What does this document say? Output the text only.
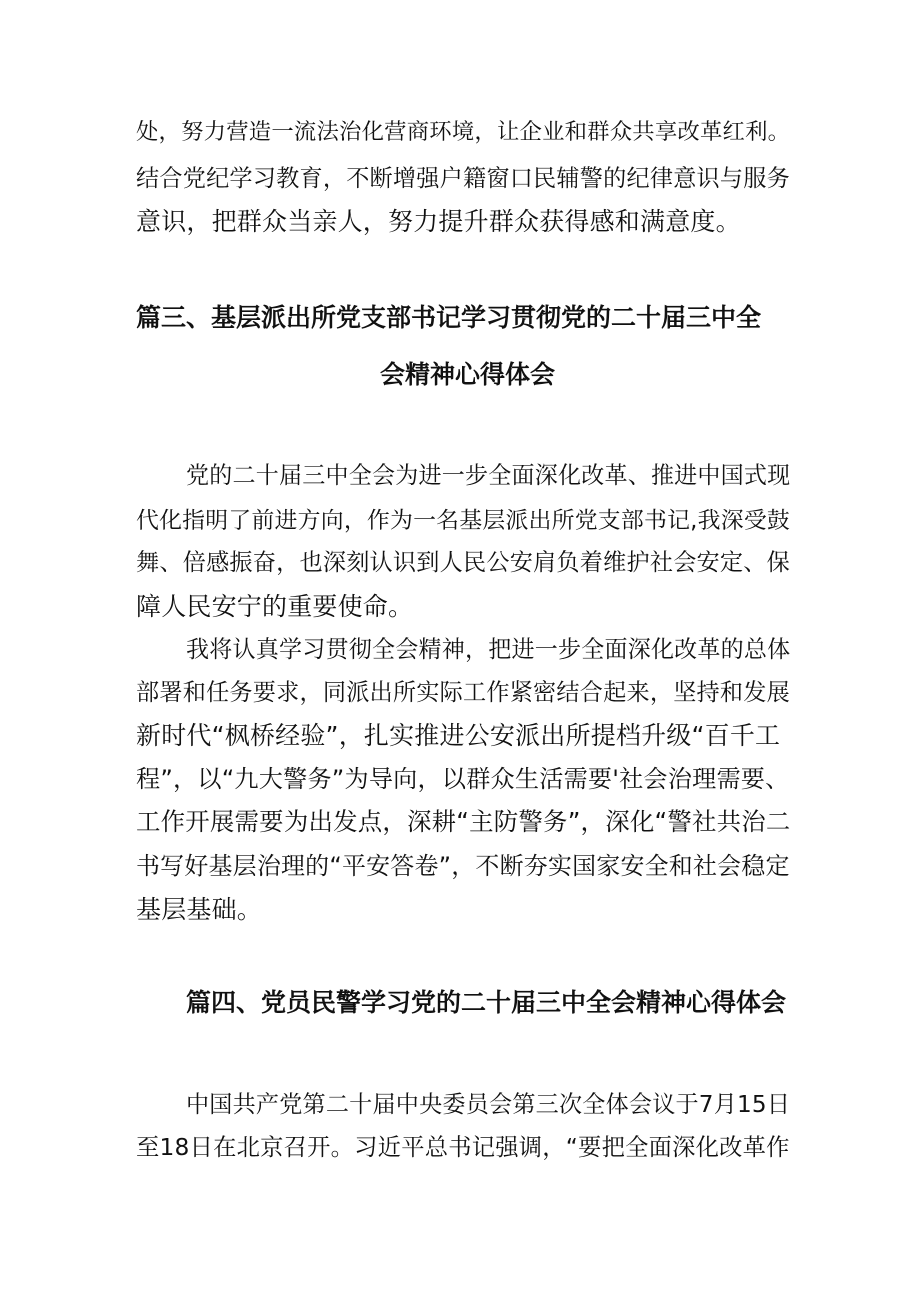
处，努力营造一流法治化营商环境，让企业和群众共享改革红利。
结合党纪学习教育，不断增强户籍窗口民辅警的纪律意识与服务
意识，把群众当亲人，努力提升群众获得感和满意度。
篇三、基层派出所党支部书记学习贯彻党的二十届三中全
会精神心得体会
党的二十届三中全会为进一步全面深化改革、推进中国式现
代化指明了前进方向，作为一名基层派出所党支部书记,我深受鼓
舞、倍感振奋，也深刻认识到人民公安肩负着维护社会安定、保
障人民安宁的重要使命。
我将认真学习贯彻全会精神，把进一步全面深化改革的总体
部署和任务要求，同派出所实际工作紧密结合起来，坚持和发展
新时代“枫桥经验”，扎实推进公安派出所提档升级“百千工
程”，以“九大警务”为导向，以群众生活需要'社会治理需要、
工作开展需要为出发点，深耕“主防警务”，深化“警社共治二
书写好基层治理的“平安答卷”，不断夯实国家安全和社会稳定
基层基础。
篇四、党员民警学习党的二十届三中全会精神心得体会
中国共产党第二十届中央委员会第三次全体会议于7月15日
至18日在北京召开。习近平总书记强调，“要把全面深化改革作
